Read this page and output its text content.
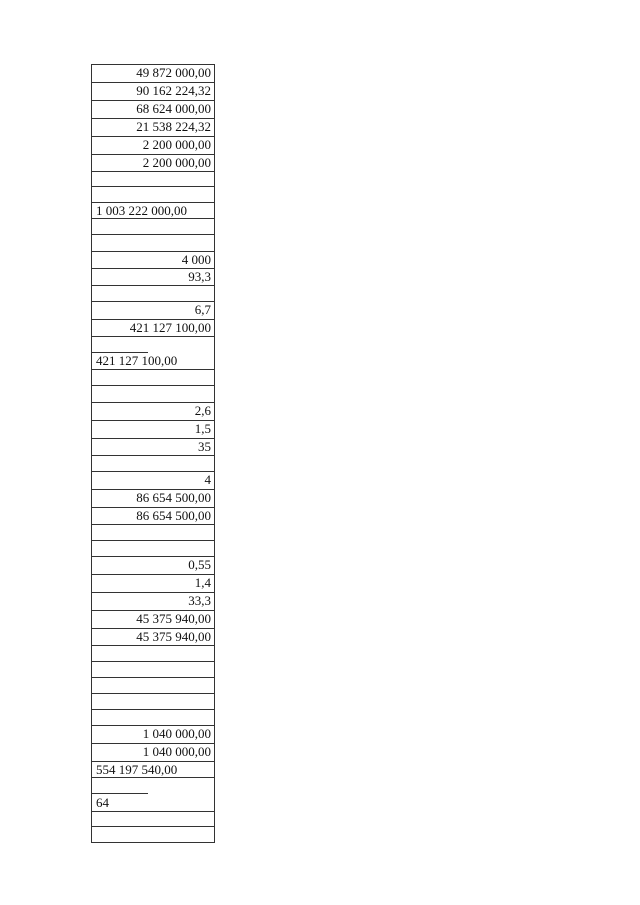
49 872 000,00
90 162 224,32
68 624 000,00
21 538 224,32
2 200 000,00
2 200 000,00
1 003 222 000,00
4 000
93,3
6,7
421 127 100,00
421 127 100,00
2,6
1,5
35
4
86 654 500,00
86 654 500,00
0,55
1,4
33,3
45 375 940,00
45 375 940,00
1 040 000,00
1 040 000,00
554 197 540,00
64
